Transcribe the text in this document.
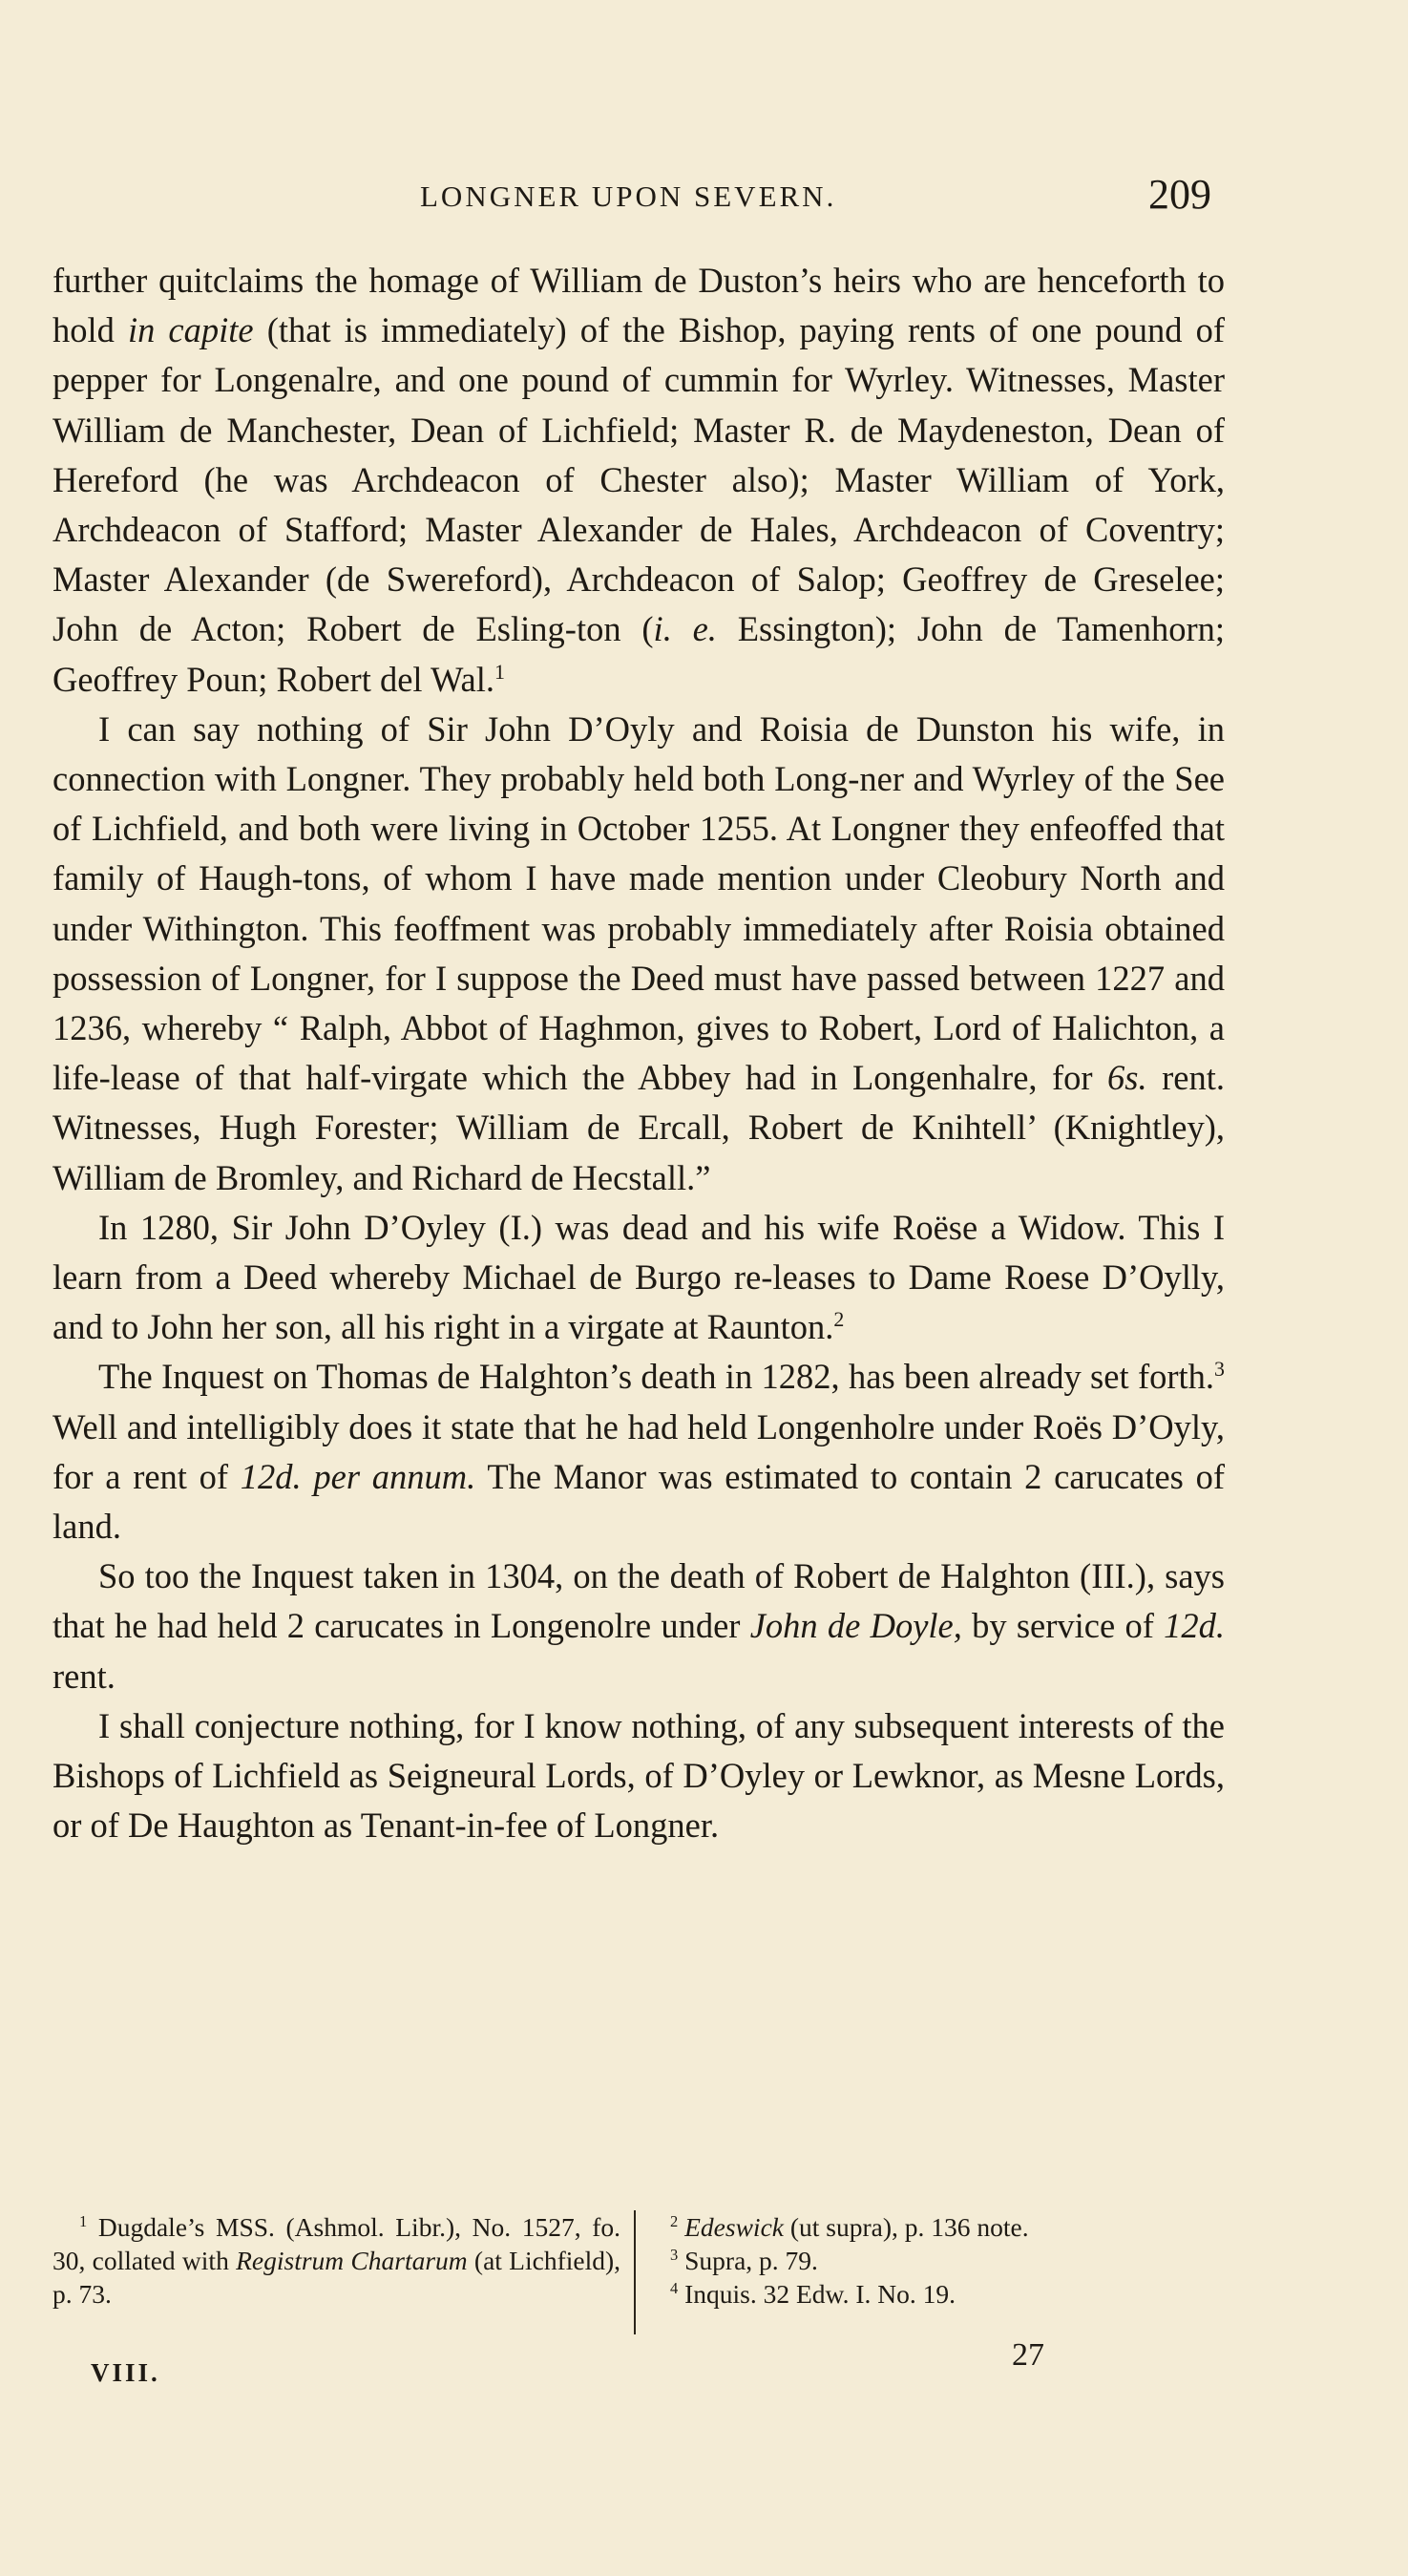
LONGNER UPON SEVERN.	209

further quitclaims the homage of William de Duston’s heirs who are henceforth to hold in capite (that is immediately) of the Bishop, paying rents of one pound of pepper for Longenalre, and one pound of cummin for Wyrley. Witnesses, Master William de Manchester, Dean of Lichfield; Master R. de Maydeneston, Dean of Hereford (he was Archdeacon of Chester also); Master William of York, Archdeacon of Stafford; Master Alexander de Hales, Archdeacon of Coventry; Master Alexander (de Swereford), Archdeacon of Salop; Geoffrey de Greselee; John de Acton; Robert de Esling-ton (i. e. Essington); John de Tamenhorn; Geoffrey Poun; Robert del Wal.$^1$

I can say nothing of Sir John D’Oyly and Roisia de Dunston his wife, in connection with Longner. They probably held both Long-ner and Wyrley of the See of Lichfield, and both were living in October 1255. At Longner they enfeoffed that family of Haugh-tons, of whom I have made mention under Cleobury North and under Withington. This feoffment was probably immediately after Roisia obtained possession of Longner, for I suppose the Deed must have passed between 1227 and 1236, whereby “ Ralph, Abbot of Haghmon, gives to Robert, Lord of Halichton, a life-lease of that half-virgate which the Abbey had in Longenhalre, for 6s. rent. Witnesses, Hugh Forester; William de Ercall, Robert de Knihtell’ (Knightley), William de Bromley, and Richard de Hecstall.”

In 1280, Sir John D’Oyley (I.) was dead and his wife Roëse a Widow. This I learn from a Deed whereby Michael de Burgo re-leases to Dame Roese D’Oylly, and to John her son, all his right in a virgate at Raunton.$^2$

The Inquest on Thomas de Halghton’s death in 1282, has been already set forth.$^3$ Well and intelligibly does it state that he had held Longenholre under Roës D’Oyly, for a rent of 12d. per annum. The Manor was estimated to contain 2 carucates of land.

So too the Inquest taken in 1304, on the death of Robert de Halghton (III.), says that he had held 2 carucates in Longenolre under John de Doyle, by service of 12d. rent.

I shall conjecture nothing, for I know nothing, of any subsequent interests of the Bishops of Lichfield as Seigneural Lords, of D’Oyley or Lewknor, as Mesne Lords, or of De Haughton as Tenant-in-fee of Longner.

$^1$ Dugdale’s MSS. (Ashmol. Libr.), No. 1527, fo. 30, collated with Registrum Chartarum (at Lichfield), p. 73.

$^2$ Edeswick (ut supra), p. 136 note.

$^3$ Supra, p. 79.

$^4$ Inquis. 32 Edw. I. No. 19.

VIII.	27
